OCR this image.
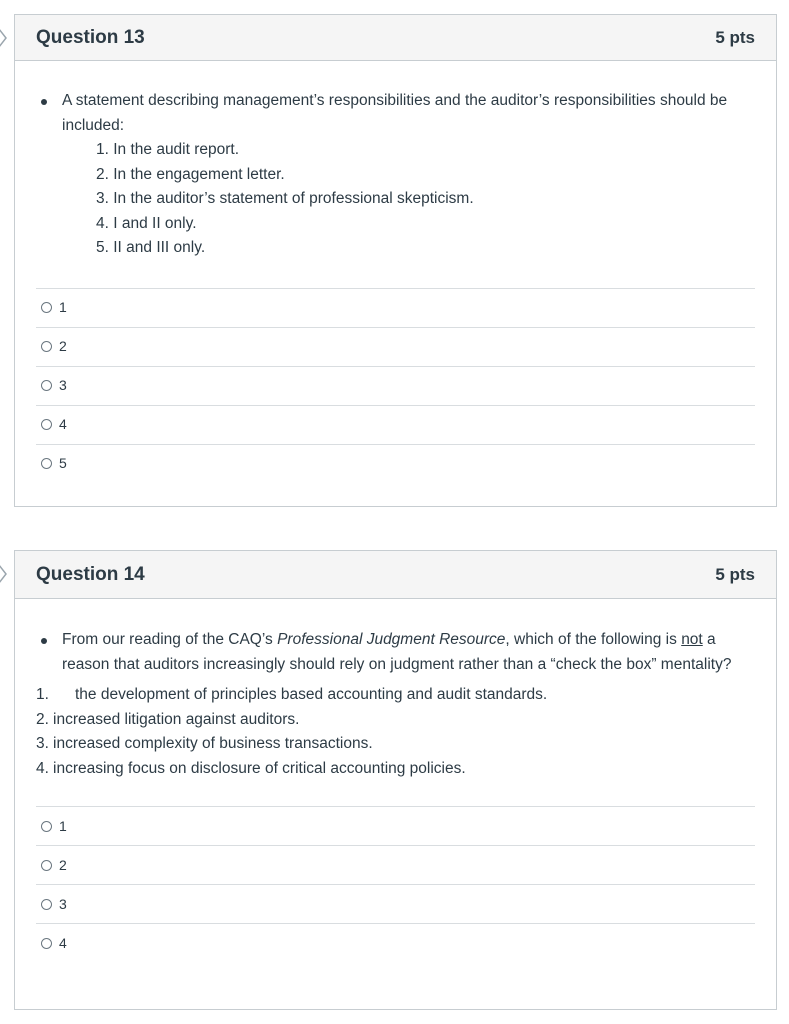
Question 13	5 pts
A statement describing management’s responsibilities and the auditor’s responsibilities should be included:
1. In the audit report.
2. In the engagement letter.
3. In the auditor’s statement of professional skepticism.
4. I and II only.
5. II and III only.
1
2
3
4
5
Question 14	5 pts
From our reading of the CAQ’s Professional Judgment Resource, which of the following is not a reason that auditors increasingly should rely on judgment rather than a “check the box” mentality?
1.	the development of principles based accounting and audit standards.
2. increased litigation against auditors.
3. increased complexity of business transactions.
4. increasing focus on disclosure of critical accounting policies.
1
2
3
4
